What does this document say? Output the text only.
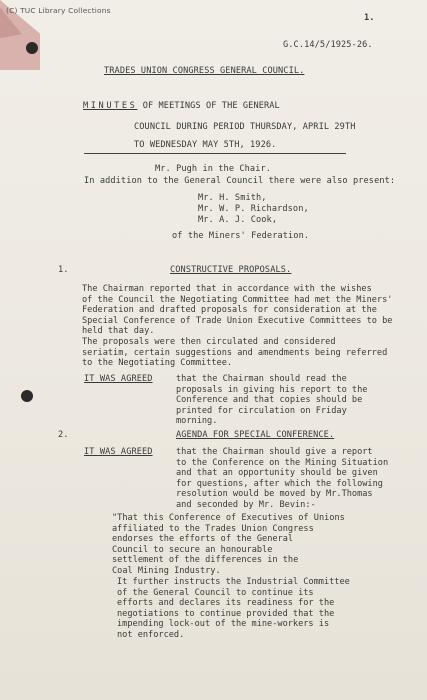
(C) TUC Library Collections
1.
G.C.14/5/1925-26.
TRADES UNION CONGRESS GENERAL COUNCIL.
MINUTES OF MEETINGS OF THE GENERAL
COUNCIL DURING PERIOD THURSDAY, APRIL 29TH
TO WEDNESDAY MAY 5TH, 1926.
Mr. Pugh in the Chair.
In addition to the General Council there were also present:
Mr. H. Smith,
Mr. W. P. Richardson,
Mr. A. J. Cook,
of the Miners' Federation.
1.	CONSTRUCTIVE PROPOSALS.
The Chairman reported that in accordance with the wishes
of the Council the Negotiating Committee had met the Miners'
Federation and drafted proposals for consideration at the
Special Conference of Trade Union Executive Committees to be
held that day.
The proposals were then circulated and considered
seriatim, certain suggestions and amendments being referred
to the Negotiating Committee.
IT WAS AGREED	that the Chairman should read the
proposals in giving his report to the
Conference and that copies should be
printed for circulation on Friday
morning.
2.	AGENDA FOR SPECIAL CONFERENCE.
IT WAS AGREED	that the Chairman should give a report
to the Conference on the Mining Situation
and that an opportunity should be given
for questions, after which the following
resolution would be moved by Mr.Thomas
and seconded by Mr. Bevin:-
"That this Conference of Executives of Unions
affiliated to the Trades Union Congress
endorses the efforts of the General
Council to secure an honourable
settlement of the differences in the
Coal Mining Industry.
It further instructs the Industrial Committee
of the General Council to continue its
efforts and declares its readiness for the
negotiations to continue provided that the
impending lock-out of the mine-workers is
not enforced.
